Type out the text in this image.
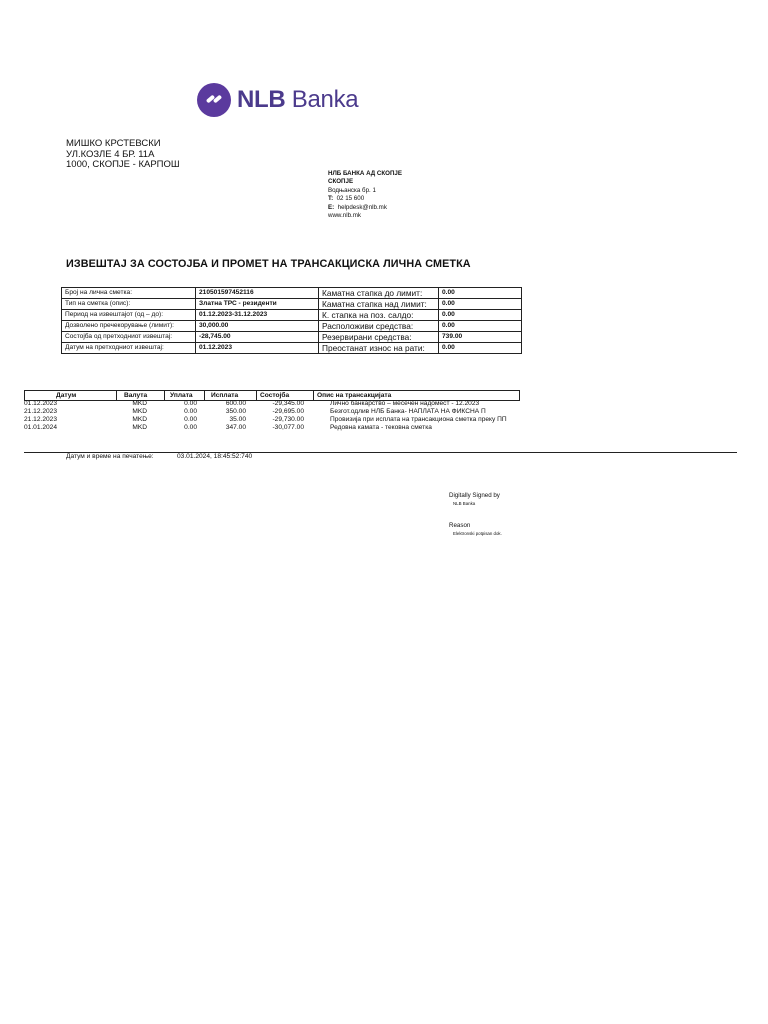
NLB Banka
МИШКО КРСТЕВСКИ
УЛ.КОЗЛЕ 4 БР. 11А
1000, СКОПЈЕ - КАРПОШ
НЛБ БАНКА АД СКОПЈЕ
СКОПЈЕ
Водњанска бр. 1
T: 02 15 600
E: helpdesk@nlb.mk
www.nlb.mk
ИЗВЕШТАЈ ЗА СОСТОЈБА И ПРОМЕТ НА ТРАНСАКЦИСКА ЛИЧНА СМЕТКА
Број на лична сметка:	210501597452116	Каматна стапка до лимит:	0.00
Тип на сметка (опис):	Златна ТРС - резиденти	Каматна стапка над лимит:	0.00
Период на извештајот (од – до):	01.12.2023-31.12.2023	К. стапка на поз. салдо:	0.00
Дозволено пречекорување (лимит):	30,000.00	Расположиви средства:	0.00
Состојба од претходниот извештај:	-28,745.00	Резервирани средства:	739.00
Датум на претходниот извештај:	01.12.2023	Преостанат износ на рати:	0.00
Датум	Валута	Уплата	Исплата	Состојба	Опис на трансакцијата
01.12.2023	MKD	0.00	600.00	-29,345.00	Лично банкарство – месечен надомест - 12.2023
21.12.2023	MKD	0.00	350.00	-29,695.00	Безгот.одлив НЛБ Банка- НАПЛАТА НА ФИКСНА П
21.12.2023	MKD	0.00	35.00	-29,730.00	Провизија при исплата на трансакциона сметка преку ПП
01.01.2024	MKD	0.00	347.00	-30,077.00	Редовна камата - тековна сметка
Датум и време на печатење:	03.01.2024, 18:45:52:740
Digitally Signed by
NLB Banka
Reason
Elektronski potpisan dok.
